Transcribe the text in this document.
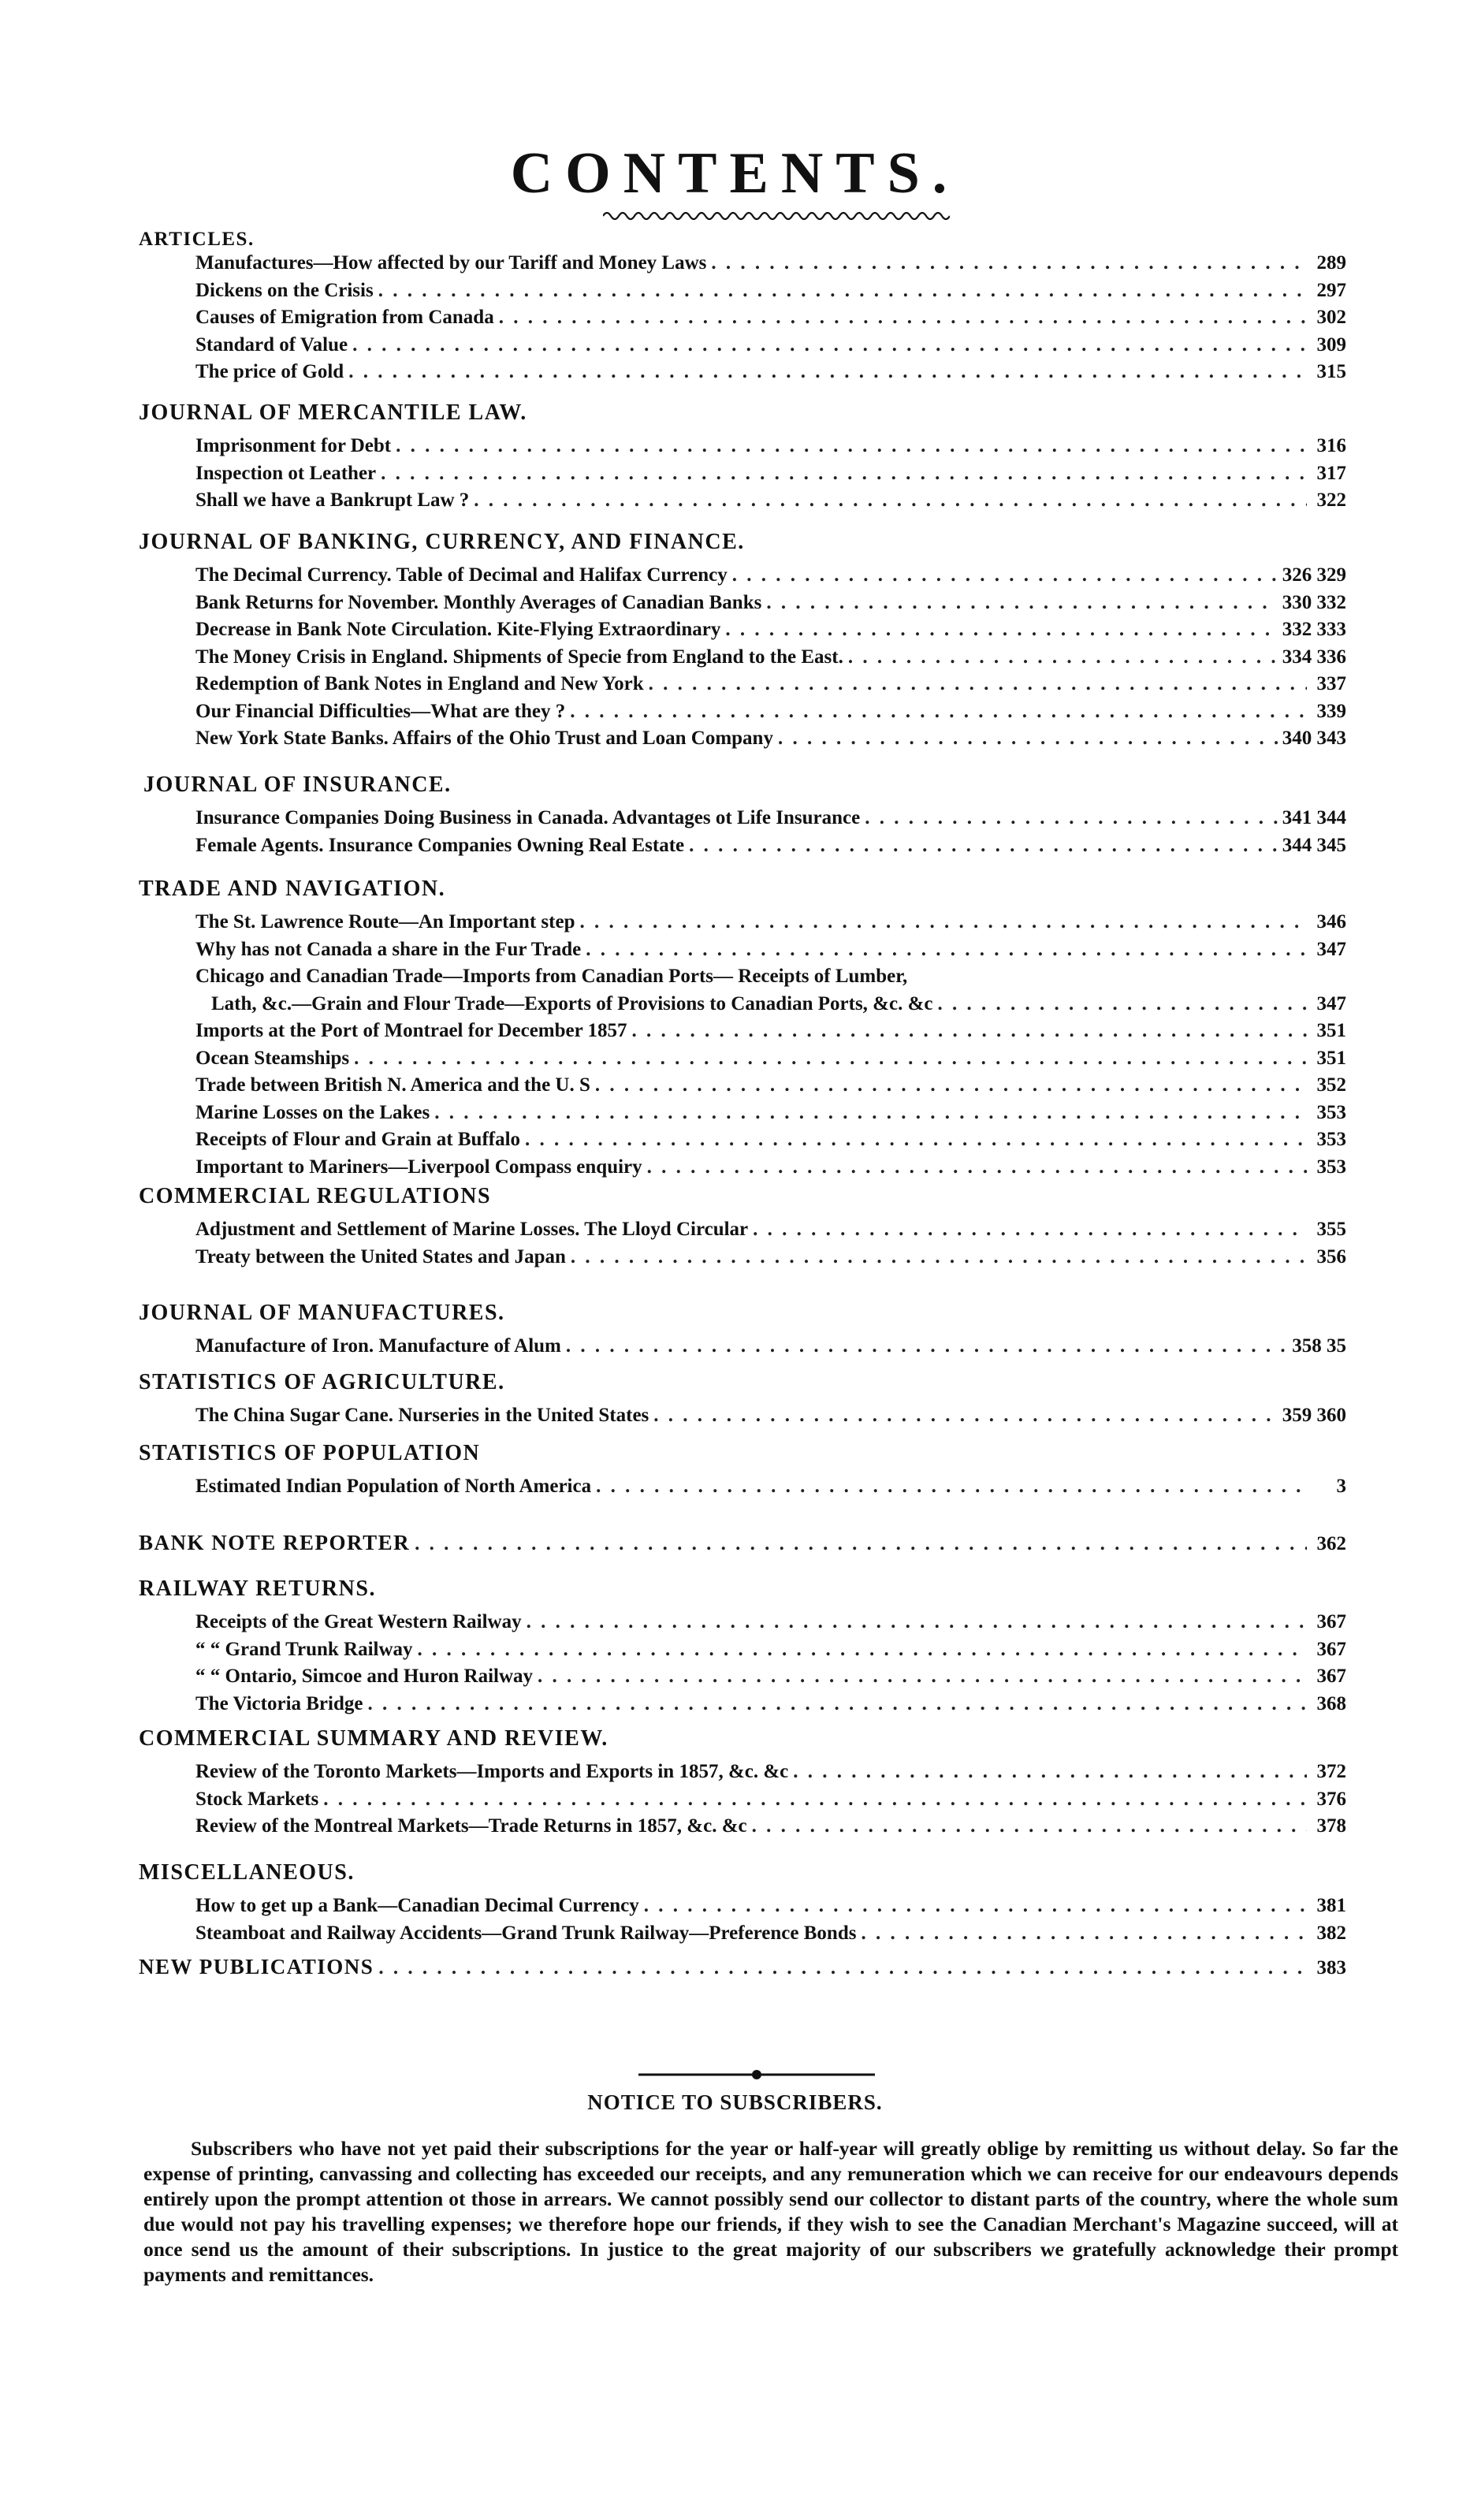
CONTENTS.
ARTICLES.
Manufactures—How affected by our Tariff and Money Laws . . .	289
Dickens on the Crisis . . .	297
Causes of Emigration from Canada . . .	302
Standard of Value . . .	309
The price of Gold . . .	315
JOURNAL OF MERCANTILE LAW.
Imprisonment for Debt . . .	316
Inspection ot Leather . . .	317
Shall we have a Bankrupt Law ? . . .	322
JOURNAL OF BANKING, CURRENCY, AND FINANCE.
The Decimal Currency. Table of Decimal and Halifax Currency . . .	326 329
Bank Returns for November. Monthly Averages of Canadian Banks . . .	330 332
Decrease in Bank Note Circulation. Kite-Flying Extraordinary . . .	332 333
The Money Crisis in England. Shipments of Specie from England to the East. . . .	334 336
Redemption of Bank Notes in England and New York . . .	337
Our Financial Difficulties—What are they ? . . .	339
New York State Banks. Affairs of the Ohio Trust and Loan Company . . .	340 343
JOURNAL OF INSURANCE.
Insurance Companies Doing Business in Canada. Advantages ot Life Insurance . . .	341 344
Female Agents. Insurance Companies Owning Real Estate . . .	344 345
TRADE AND NAVIGATION.
The St. Lawrence Route—An Important step . . .	346
Why has not Canada a share in the Fur Trade . . .	347
Chicago and Canadian Trade—Imports from Canadian Ports— Receipts of Lumber,
Lath, &c.—Grain and Flour Trade—Exports of Provisions to Canadian Ports, &c. &c . . .	347
Imports at the Port of Montrael for December 1857 . . .	351
Ocean Steamships . . .	351
Trade between British N. America and the U. S . . .	352
Marine Losses on the Lakes . . .	353
Receipts of Flour and Grain at Buffalo . . .	353
Important to Mariners—Liverpool Compass enquiry . . .	353
COMMERCIAL REGULATIONS
Adjustment and Settlement of Marine Losses. The Lloyd Circular . . .	355
Treaty between the United States and Japan . . .	356
JOURNAL OF MANUFACTURES.
Manufacture of Iron. Manufacture of Alum . . .	358 35
STATISTICS OF AGRICULTURE.
The China Sugar Cane. Nurseries in the United States . . .	359 360
STATISTICS OF POPULATION
Estimated Indian Population of North America . . .	3
BANK NOTE REPORTER . . .	362
RAILWAY RETURNS.
Receipts of the Great Western Railway . . .	367
“ “ Grand Trunk Railway . . .	367
“ “ Ontario, Simcoe and Huron Railway . . .	367
The Victoria Bridge . . .	368
COMMERCIAL SUMMARY AND REVIEW.
Review of the Toronto Markets—Imports and Exports in 1857, &c. &c . . .	372
Stock Markets . . .	376
Review of the Montreal Markets—Trade Returns in 1857, &c. &c . . .	378
MISCELLANEOUS.
How to get up a Bank—Canadian Decimal Currency . . .	381
Steamboat and Railway Accidents—Grand Trunk Railway—Preference Bonds . . .	382
NEW PUBLICATIONS . . .	383
NOTICE TO SUBSCRIBERS.
Subscribers who have not yet paid their subscriptions for the year or half-year will greatly oblige by remitting us without delay. So far the expense of printing, canvassing and collecting has exceeded our receipts, and any remuneration which we can receive for our endeavours depends entirely upon the prompt attention ot those in arrears. We cannot possibly send our collector to distant parts of the country, where the whole sum due would not pay his travelling expenses; we therefore hope our friends, if they wish to see the Canadian Merchant's Magazine succeed, will at once send us the amount of their subscriptions. In justice to the great majority of our subscribers we gratefully acknowledge their prompt payments and remittances.
